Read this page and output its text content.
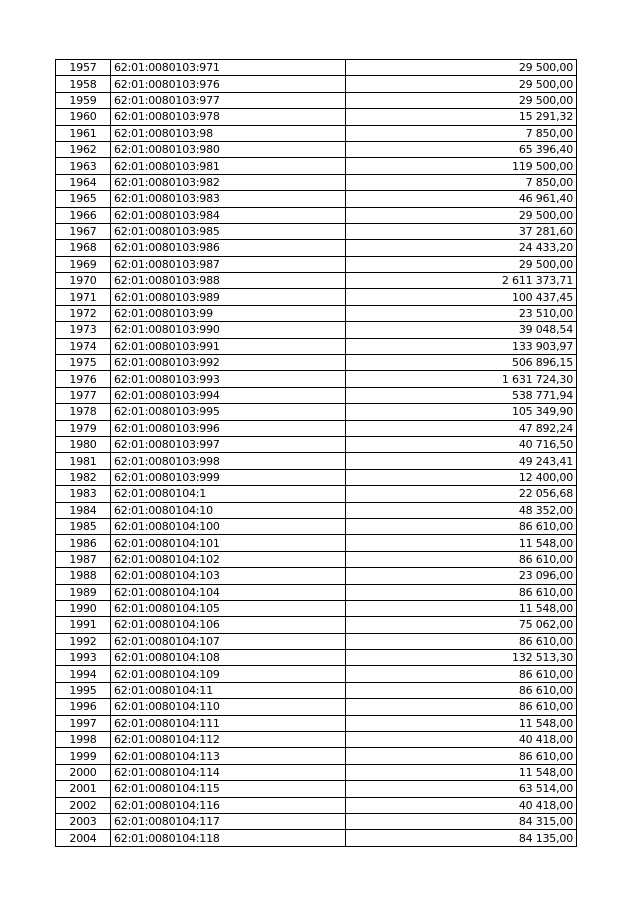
1957	62:01:0080103:971	29 500,00
1958	62:01:0080103:976	29 500,00
1959	62:01:0080103:977	29 500,00
1960	62:01:0080103:978	15 291,32
1961	62:01:0080103:98	7 850,00
1962	62:01:0080103:980	65 396,40
1963	62:01:0080103:981	119 500,00
1964	62:01:0080103:982	7 850,00
1965	62:01:0080103:983	46 961,40
1966	62:01:0080103:984	29 500,00
1967	62:01:0080103:985	37 281,60
1968	62:01:0080103:986	24 433,20
1969	62:01:0080103:987	29 500,00
1970	62:01:0080103:988	2 611 373,71
1971	62:01:0080103:989	100 437,45
1972	62:01:0080103:99	23 510,00
1973	62:01:0080103:990	39 048,54
1974	62:01:0080103:991	133 903,97
1975	62:01:0080103:992	506 896,15
1976	62:01:0080103:993	1 631 724,30
1977	62:01:0080103:994	538 771,94
1978	62:01:0080103:995	105 349,90
1979	62:01:0080103:996	47 892,24
1980	62:01:0080103:997	40 716,50
1981	62:01:0080103:998	49 243,41
1982	62:01:0080103:999	12 400,00
1983	62:01:0080104:1	22 056,68
1984	62:01:0080104:10	48 352,00
1985	62:01:0080104:100	86 610,00
1986	62:01:0080104:101	11 548,00
1987	62:01:0080104:102	86 610,00
1988	62:01:0080104:103	23 096,00
1989	62:01:0080104:104	86 610,00
1990	62:01:0080104:105	11 548,00
1991	62:01:0080104:106	75 062,00
1992	62:01:0080104:107	86 610,00
1993	62:01:0080104:108	132 513,30
1994	62:01:0080104:109	86 610,00
1995	62:01:0080104:11	86 610,00
1996	62:01:0080104:110	86 610,00
1997	62:01:0080104:111	11 548,00
1998	62:01:0080104:112	40 418,00
1999	62:01:0080104:113	86 610,00
2000	62:01:0080104:114	11 548,00
2001	62:01:0080104:115	63 514,00
2002	62:01:0080104:116	40 418,00
2003	62:01:0080104:117	84 315,00
2004	62:01:0080104:118	84 135,00
